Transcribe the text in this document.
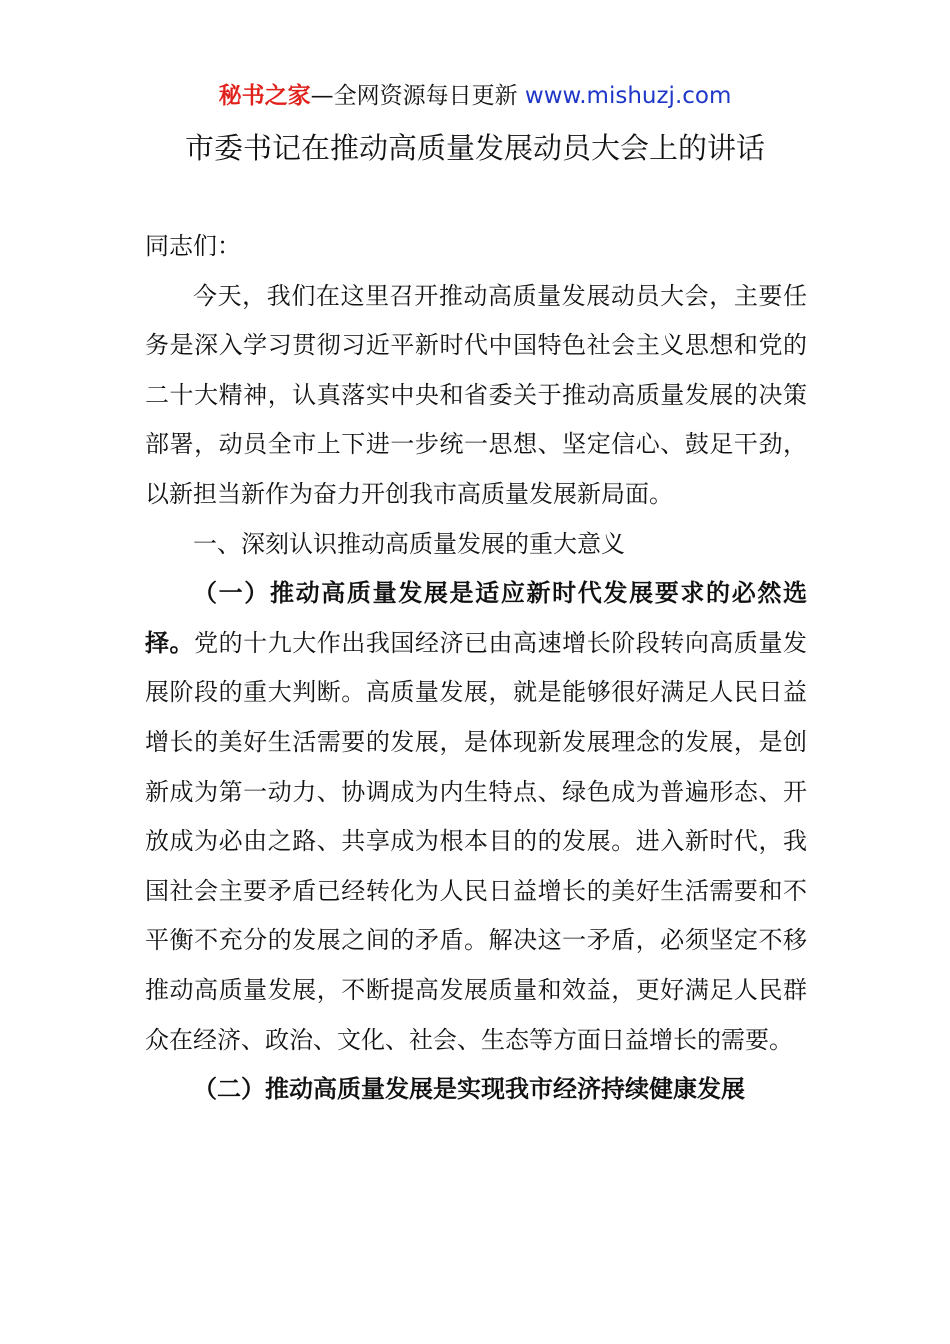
秘书之家—全网资源每日更新 www.mishuzj.com
市委书记在推动高质量发展动员大会上的讲话

同志们：

今天，我们在这里召开推动高质量发展动员大会，主要任务是深入学习贯彻习近平新时代中国特色社会主义思想和党的二十大精神，认真落实中央和省委关于推动高质量发展的决策部署，动员全市上下进一步统一思想、坚定信心、鼓足干劲，以新担当新作为奋力开创我市高质量发展新局面。

一、深刻认识推动高质量发展的重大意义

（一）推动高质量发展是适应新时代发展要求的必然选择。党的十九大作出我国经济已由高速增长阶段转向高质量发展阶段的重大判断。高质量发展，就是能够很好满足人民日益增长的美好生活需要的发展，是体现新发展理念的发展，是创新成为第一动力、协调成为内生特点、绿色成为普遍形态、开放成为必由之路、共享成为根本目的的发展。进入新时代，我国社会主要矛盾已经转化为人民日益增长的美好生活需要和不平衡不充分的发展之间的矛盾。解决这一矛盾，必须坚定不移推动高质量发展，不断提高发展质量和效益，更好满足人民群众在经济、政治、文化、社会、生态等方面日益增长的需要。

（二）推动高质量发展是实现我市经济持续健康发展
